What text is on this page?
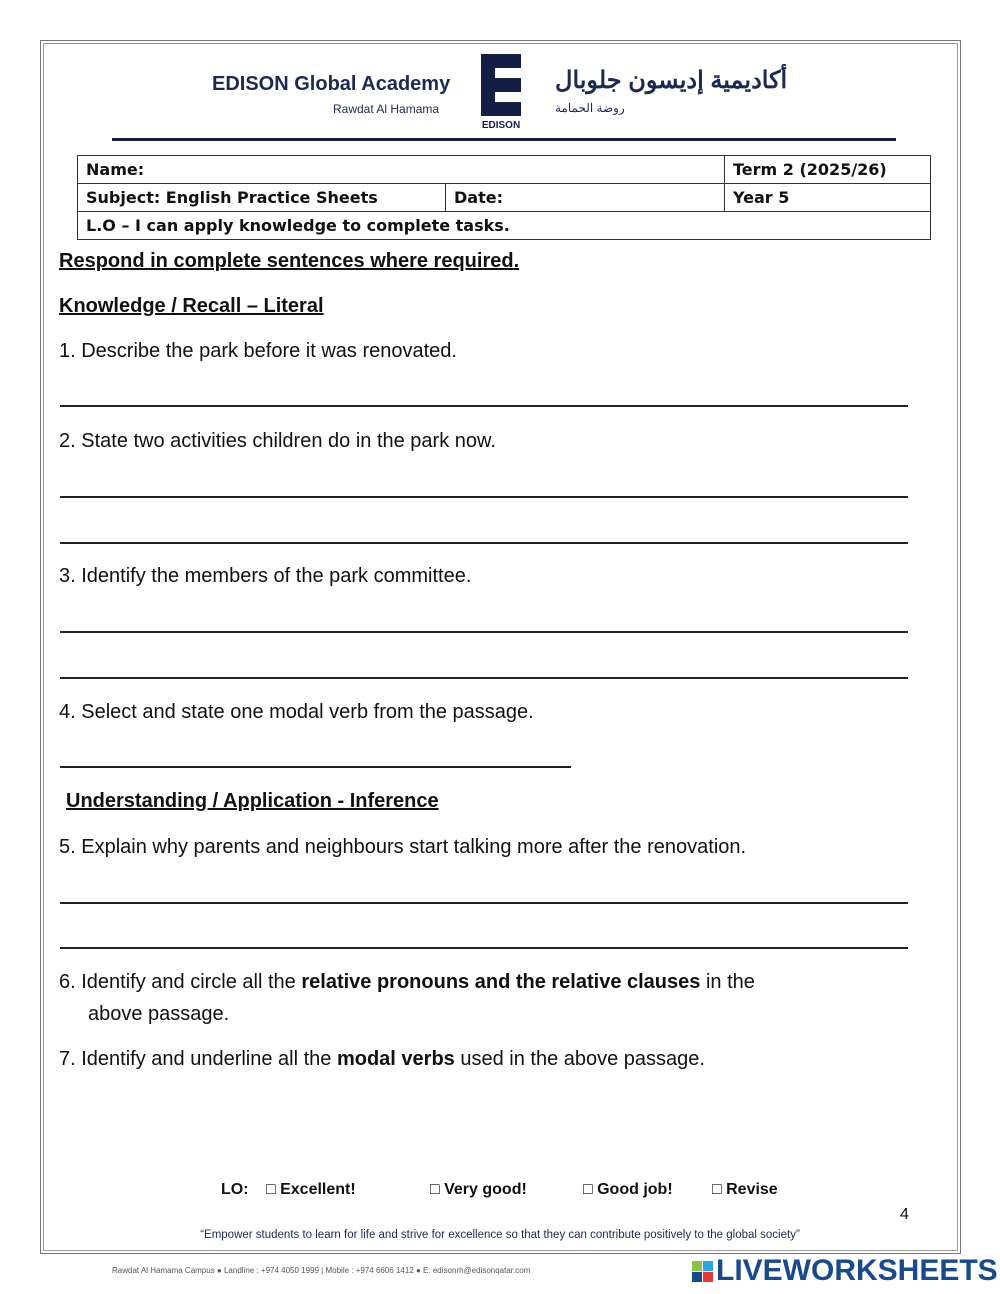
EDISON Global Academy
Rawdat Al Hamama
EDISON
أكاديمية إديسون جلوبال
روضة الحمامة
Name:		Term 2 (2025/26)
Subject: English Practice Sheets	Date:	Year 5
L.O – I can apply knowledge to complete tasks.		
Respond in complete sentences where required.
Knowledge / Recall – Literal
1. Describe the park before it was renovated.
2. State two activities children do in the park now.
3. Identify the members of the park committee.
4. Select and state one modal verb from the passage.
Understanding / Application - Inference
5. Explain why parents and neighbours start talking more after the renovation.
6. Identify and circle all the relative pronouns and the relative clauses in the
above passage.
7. Identify and underline all the modal verbs used in the above passage.
LO: □ Excellent!	□ Very good!	□ Good job! □ Revise
4
“Empower students to learn for life and strive for excellence so that they can contribute positively to the global society”
Rawdat Al Hamama Campus ● Landline : +974 4050 1999 | Mobile : +974 6606 1412 ● E: edisonrh@edisonqatar.com	LIVEWORKSHEETS
